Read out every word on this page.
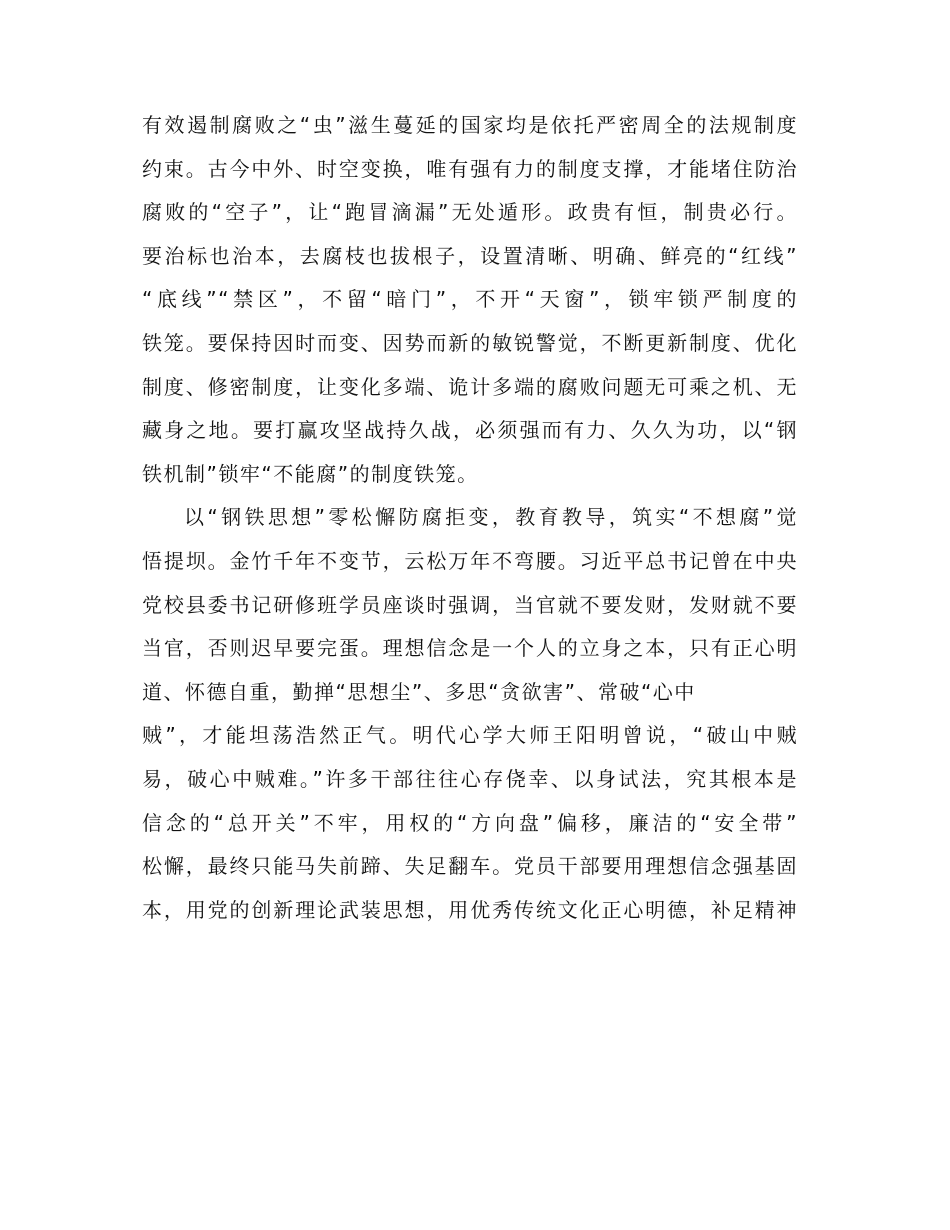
有效遏制腐败之“虫”滋生蔓延的国家均是依托严密周全的法规制度
约束。古今中外、时空变换，唯有强有力的制度支撑，才能堵住防治
腐败的“空子”，让“跑冒滴漏”无处遁形。政贵有恒，制贵必行。
要治标也治本，去腐枝也拔根子，设置清晰、明确、鲜亮的“红线”
“底线”“禁区”，不留“暗门”，不开“天窗”，锁牢锁严制度的
铁笼。要保持因时而变、因势而新的敏锐警觉，不断更新制度、优化
制度、修密制度，让变化多端、诡计多端的腐败问题无可乘之机、无
藏身之地。要打赢攻坚战持久战，必须强而有力、久久为功，以“钢
铁机制”锁牢“不能腐”的制度铁笼。
以“钢铁思想”零松懈防腐拒变，教育教导，筑实“不想腐”觉
悟提坝。金竹千年不变节，云松万年不弯腰。习近平总书记曾在中央
党校县委书记研修班学员座谈时强调，当官就不要发财，发财就不要
当官，否则迟早要完蛋。理想信念是一个人的立身之本，只有正心明
道、怀德自重，勤掸“思想尘”、多思“贪欲害”、常破“心中
贼”，才能坦荡浩然正气。明代心学大师王阳明曾说，“破山中贼
易，破心中贼难。”许多干部往往心存侥幸、以身试法，究其根本是
信念的“总开关”不牢，用权的“方向盘”偏移，廉洁的“安全带”
松懈，最终只能马失前蹄、失足翻车。党员干部要用理想信念强基固
本，用党的创新理论武装思想，用优秀传统文化正心明德，补足精神
